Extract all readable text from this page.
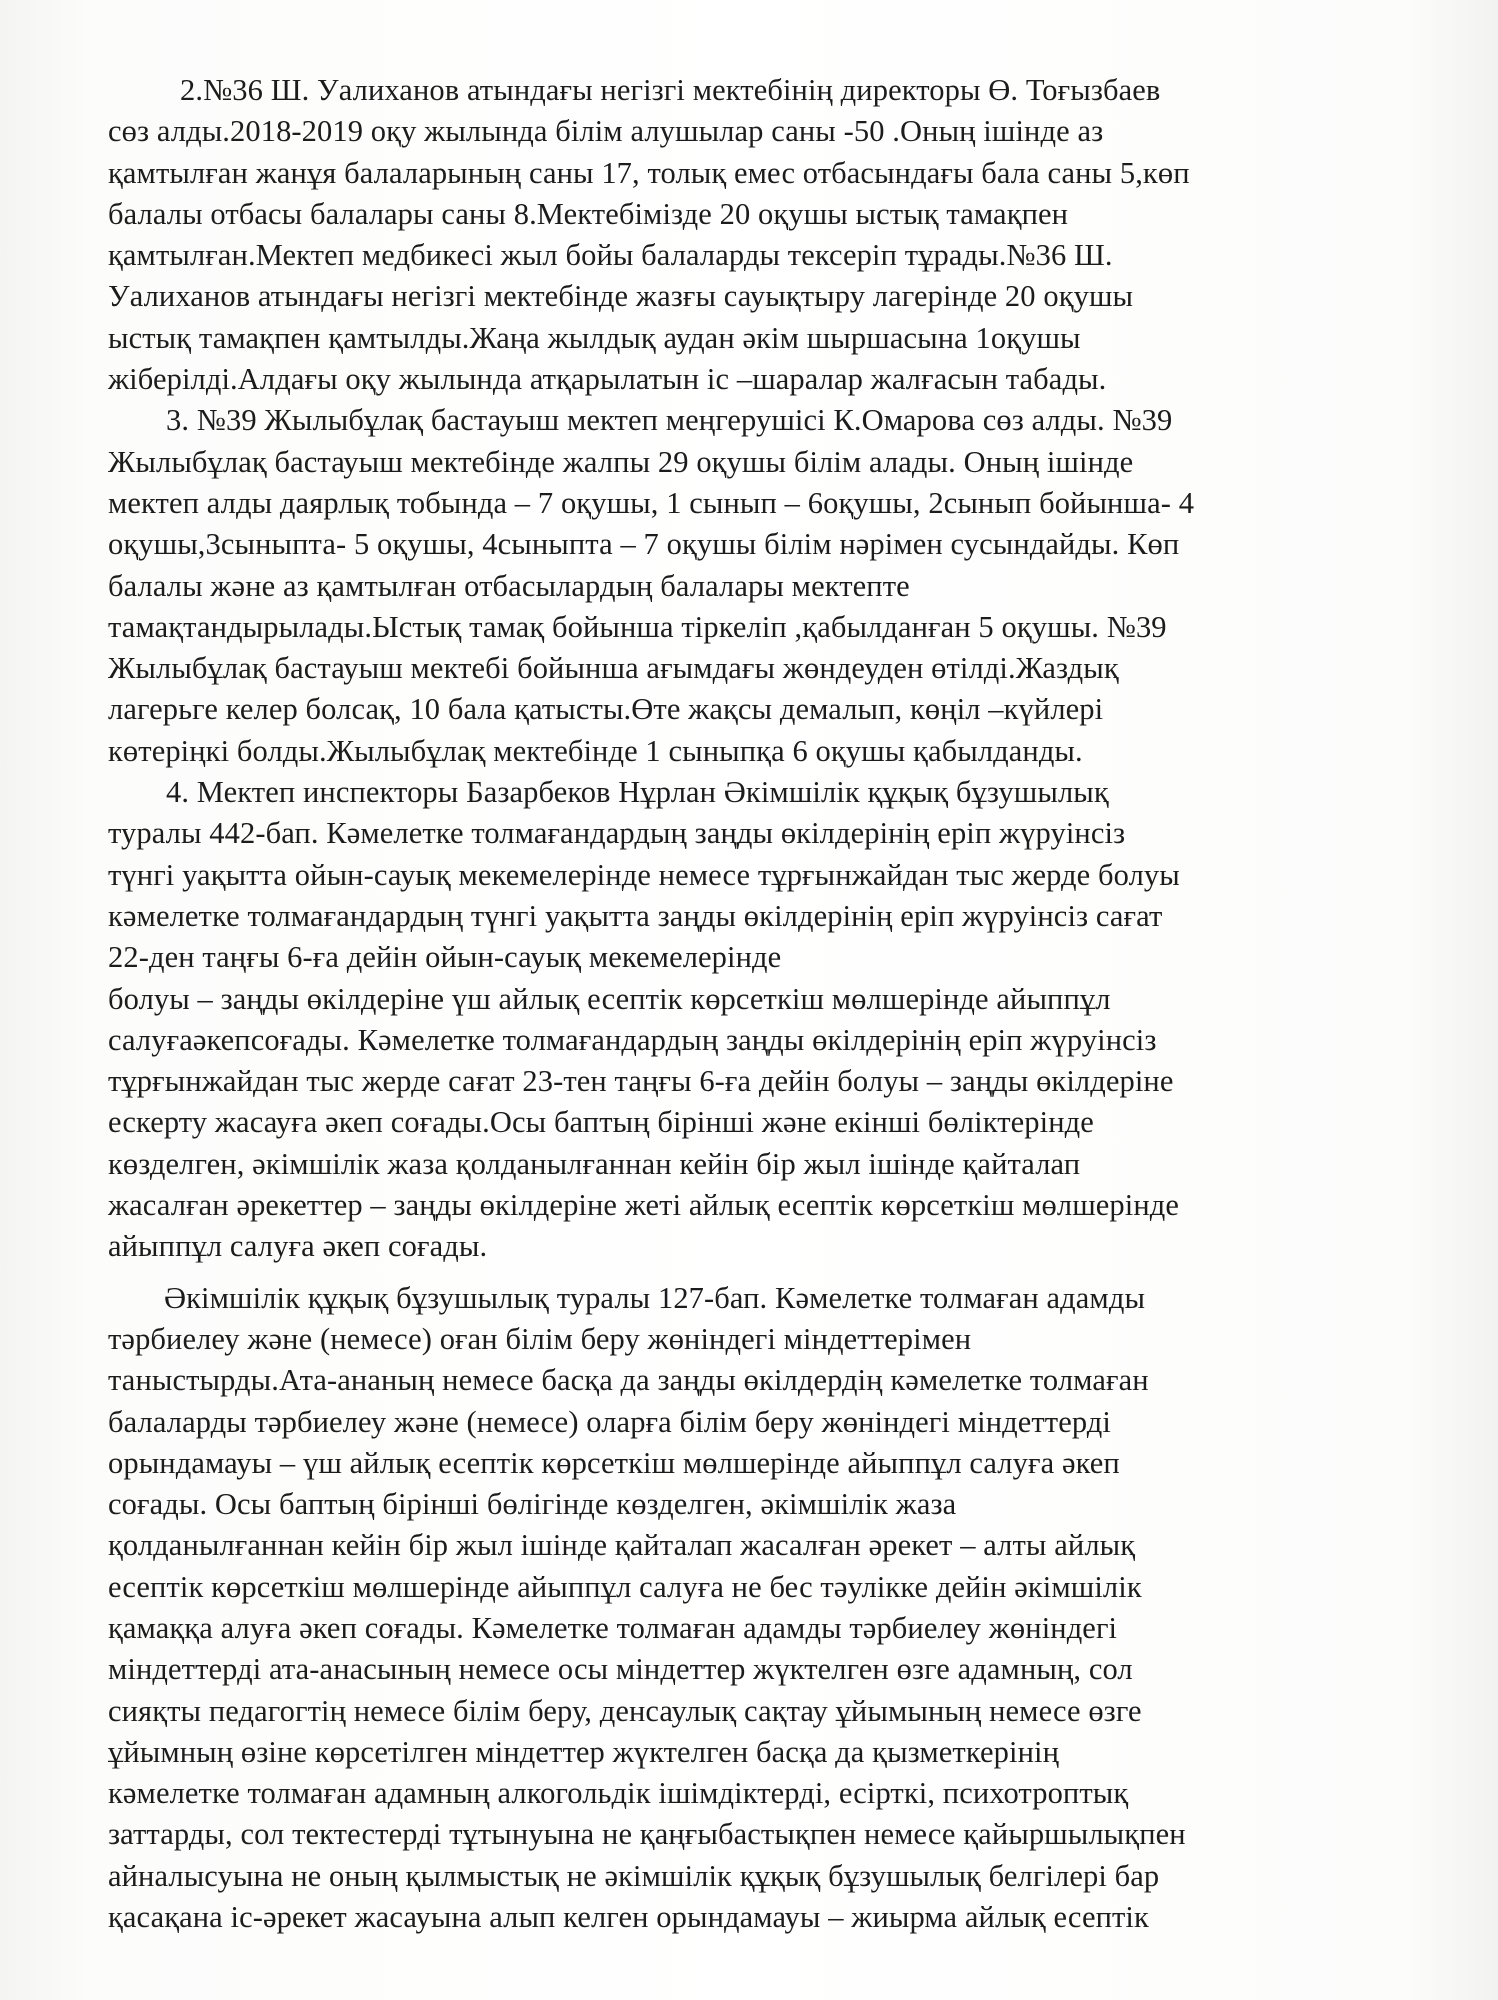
2.№36 Ш. Уалиханов атындағы негізгі мектебінің директоры Ө. Тоғызбаев
сөз алды.2018-2019 оқу жылында білім алушылар саны -50 .Оның ішінде аз
қамтылған жанұя балаларының саны 17, толық емес отбасындағы бала саны 5,көп
балалы отбасы балалары саны 8.Мектебімізде 20 оқушы ыстық тамақпен
қамтылған.Мектеп медбикесі жыл бойы балаларды тексеріп тұрады.№36 Ш.
Уалиханов атындағы негізгі мектебінде жазғы сауықтыру лагерінде 20 оқушы
ыстық тамақпен қамтылды.Жаңа жылдық аудан әкім шыршасына 1оқушы
жіберілді.Алдағы оқу жылында атқарылатын іс –шаралар жалғасын табады.
3. №39 Жылыбұлақ бастауыш мектеп меңгерушісі К.Омарова сөз алды. №39
Жылыбұлақ бастауыш мектебінде жалпы 29 оқушы білім алады. Оның ішінде
мектеп алды даярлық тобында – 7 оқушы, 1 сынып – 6оқушы, 2сынып бойынша- 4
оқушы,3сыныпта- 5 оқушы, 4сыныпта – 7 оқушы білім нәрімен сусындайды. Көп
балалы және аз қамтылған отбасылардың балалары мектепте
тамақтандырылады.Ыстық тамақ бойынша тіркеліп ,қабылданған 5 оқушы. №39
Жылыбұлақ бастауыш мектебі бойынша ағымдағы жөндеуден өтілді.Жаздық
лагерьге келер болсақ, 10 бала қатысты.Өте жақсы демалып, көңіл –күйлері
көтеріңкі болды.Жылыбұлақ мектебінде 1 сыныпқа 6 оқушы қабылданды.
4. Мектеп инспекторы Базарбеков Нұрлан Әкімшілік құқық бұзушылық
туралы 442-бап. Кәмелетке толмағандардың заңды өкілдерінің еріп жүруінсіз
түнгі уақытта ойын-сауық мекемелерінде немесе тұрғынжайдан тыс жерде болуы
кәмелетке толмағандардың түнгі уақытта заңды өкілдерінің еріп жүруінсіз сағат
22-ден таңғы 6-ға дейін ойын-сауық мекемелерінде
болуы – заңды өкілдеріне үш айлық есептік көрсеткіш мөлшерінде айыппұл
салуғаәкепсоғады. Кәмелетке толмағандардың заңды өкілдерінің еріп жүруінсіз
тұрғынжайдан тыс жерде сағат 23-тен таңғы 6-ға дейін болуы – заңды өкілдеріне
ескерту жасауға әкеп соғады.Осы баптың бірінші және екінші бөліктерінде
көзделген, әкімшілік жаза қолданылғаннан кейін бір жыл ішінде қайталап
жасалған әрекеттер – заңды өкілдеріне жеті айлық есептік көрсеткіш мөлшерінде
айыппұл салуға әкеп соғады.
Әкімшілік құқық бұзушылық туралы 127-бап. Кәмелетке толмаған адамды
тәрбиелеу және (немесе) оған білім беру жөніндегі міндеттерімен
таныстырды.Ата-ананың немесе басқа да заңды өкілдердің кәмелетке толмаған
балаларды тәрбиелеу және (немесе) оларға білім беру жөніндегі міндеттерді
орындамауы – үш айлық есептік көрсеткіш мөлшерінде айыппұл салуға әкеп
соғады. Осы баптың бірінші бөлігінде көзделген, әкімшілік жаза
қолданылғаннан кейін бір жыл ішінде қайталап жасалған әрекет – алты айлық
есептік көрсеткіш мөлшерінде айыппұл салуға не бес тәулікке дейін әкімшілік
қамаққа алуға әкеп соғады. Кәмелетке толмаған адамды тәрбиелеу жөніндегі
міндеттерді ата-анасының немесе осы міндеттер жүктелген өзге адамның, сол
сияқты педагогтің немесе білім беру, денсаулық сақтау ұйымының немесе өзге
ұйымның өзіне көрсетілген міндеттер жүктелген басқа да қызметкерінің
кәмелетке толмаған адамның алкогольдік ішімдіктерді, есірткі, психотроптық
заттарды, сол тектестерді тұтынуына не қаңғыбастықпен немесе қайыршылықпен
айналысуына не оның қылмыстық не әкімшілік құқық бұзушылық белгілері бар
қасақана іс-әрекет жасауына алып келген орындамауы – жиырма айлық есептік
